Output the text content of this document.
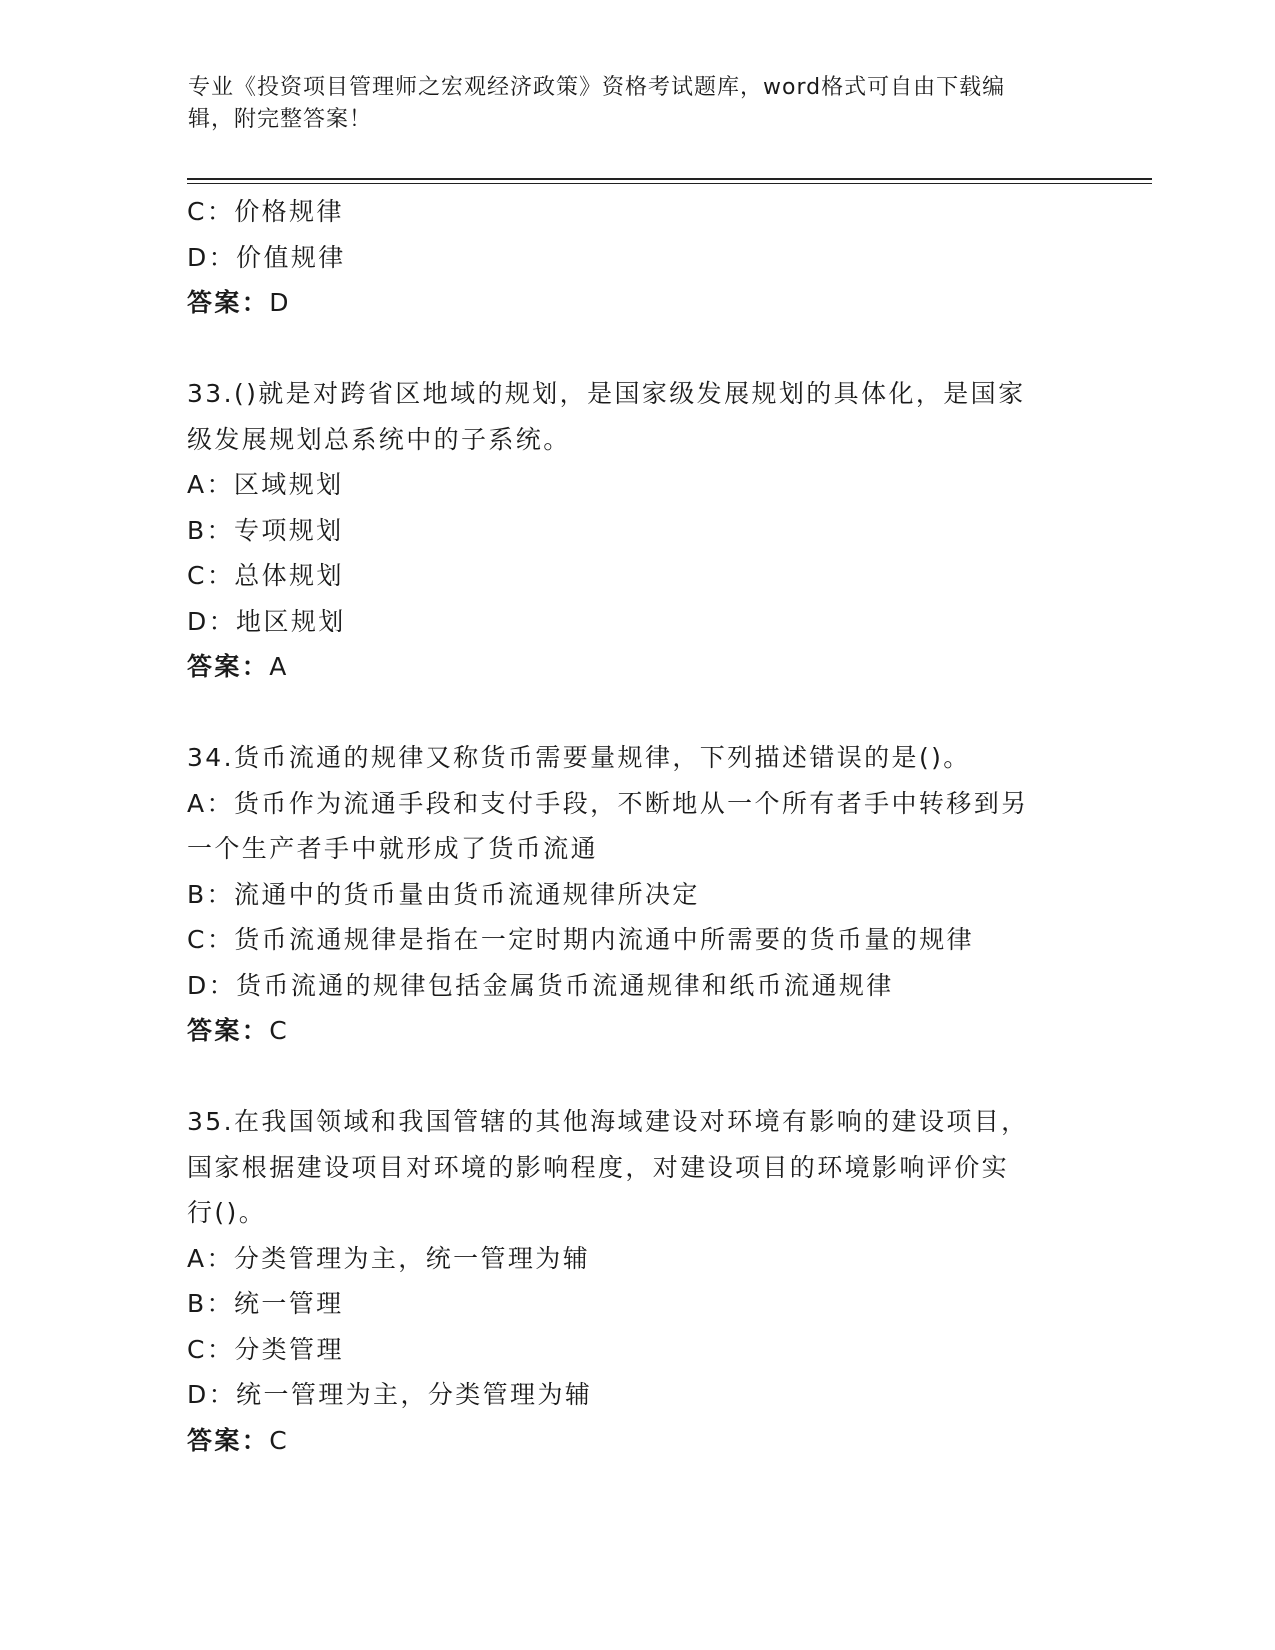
专业《投资项目管理师之宏观经济政策》资格考试题库，word格式可自由下载编
辑，附完整答案！
C：价格规律
D：价值规律
答案：D
33.()就是对跨省区地域的规划，是国家级发展规划的具体化，是国家
级发展规划总系统中的子系统。
A：区域规划
B：专项规划
C：总体规划
D：地区规划
答案：A
34.货币流通的规律又称货币需要量规律，下列描述错误的是()。
A：货币作为流通手段和支付手段，不断地从一个所有者手中转移到另
一个生产者手中就形成了货币流通
B：流通中的货币量由货币流通规律所决定
C：货币流通规律是指在一定时期内流通中所需要的货币量的规律
D：货币流通的规律包括金属货币流通规律和纸币流通规律
答案：C
35.在我国领域和我国管辖的其他海域建设对环境有影响的建设项目，
国家根据建设项目对环境的影响程度，对建设项目的环境影响评价实
行()。
A：分类管理为主，统一管理为辅
B：统一管理
C：分类管理
D：统一管理为主，分类管理为辅
答案：C
